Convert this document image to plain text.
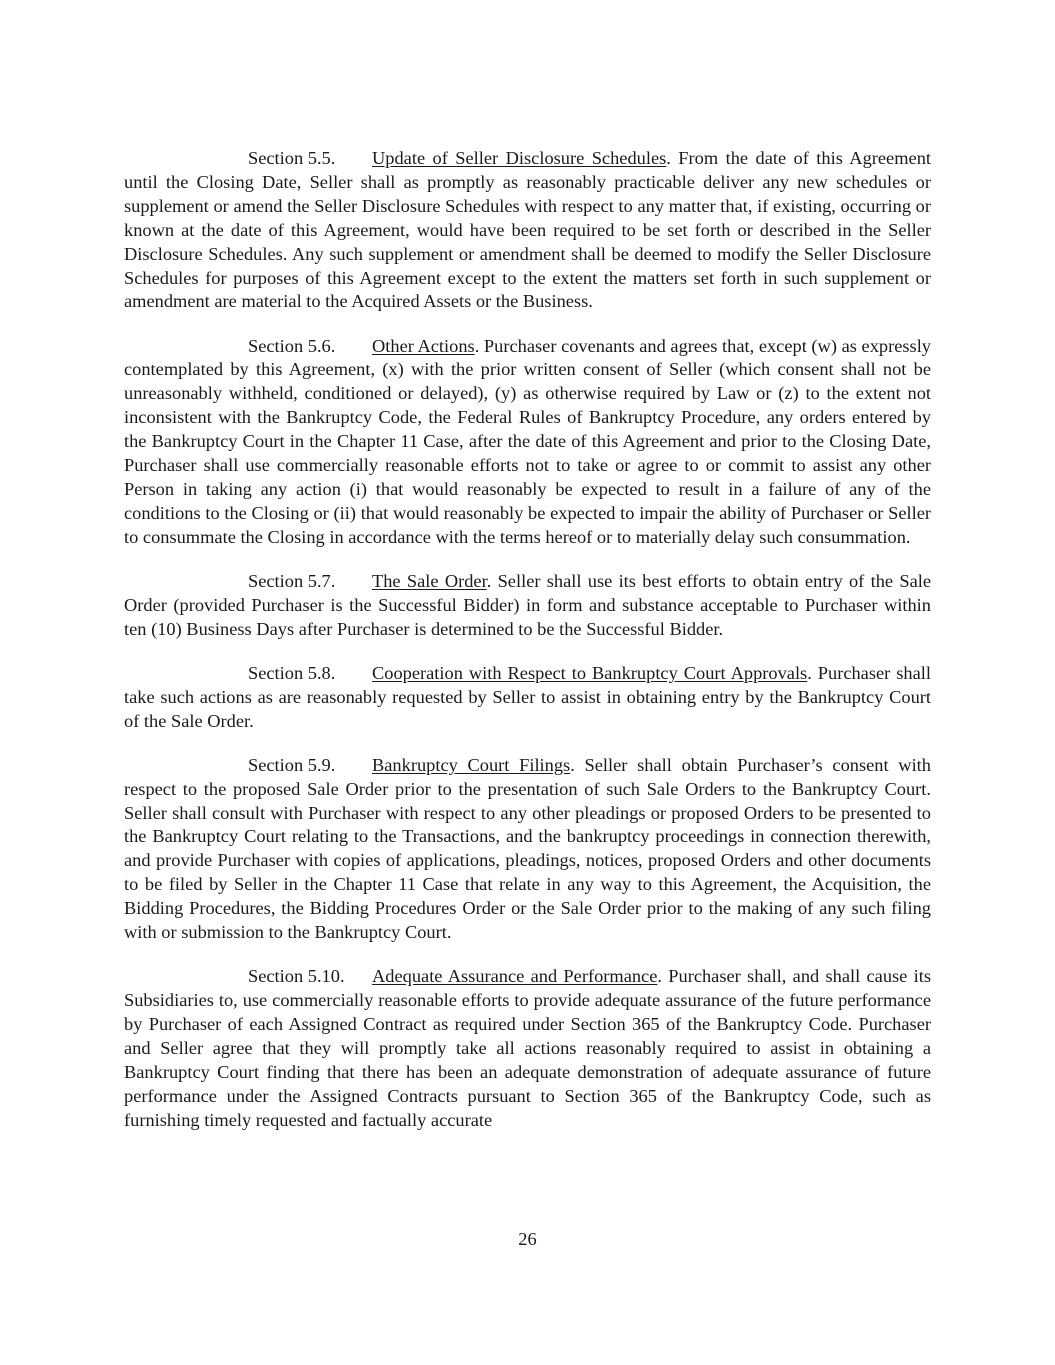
Section 5.5. Update of Seller Disclosure Schedules. From the date of this Agreement until the Closing Date, Seller shall as promptly as reasonably practicable deliver any new schedules or supplement or amend the Seller Disclosure Schedules with respect to any matter that, if existing, occurring or known at the date of this Agreement, would have been required to be set forth or described in the Seller Disclosure Schedules. Any such supplement or amendment shall be deemed to modify the Seller Disclosure Schedules for purposes of this Agreement except to the extent the matters set forth in such supplement or amendment are material to the Acquired Assets or the Business.

Section 5.6. Other Actions. Purchaser covenants and agrees that, except (w) as expressly contemplated by this Agreement, (x) with the prior written consent of Seller (which consent shall not be unreasonably withheld, conditioned or delayed), (y) as otherwise required by Law or (z) to the extent not inconsistent with the Bankruptcy Code, the Federal Rules of Bankruptcy Procedure, any orders entered by the Bankruptcy Court in the Chapter 11 Case, after the date of this Agreement and prior to the Closing Date, Purchaser shall use commercially reasonable efforts not to take or agree to or commit to assist any other Person in taking any action (i) that would reasonably be expected to result in a failure of any of the conditions to the Closing or (ii) that would reasonably be expected to impair the ability of Purchaser or Seller to consummate the Closing in accordance with the terms hereof or to materially delay such consummation.

Section 5.7. The Sale Order. Seller shall use its best efforts to obtain entry of the Sale Order (provided Purchaser is the Successful Bidder) in form and substance acceptable to Purchaser within ten (10) Business Days after Purchaser is determined to be the Successful Bidder.

Section 5.8. Cooperation with Respect to Bankruptcy Court Approvals. Purchaser shall take such actions as are reasonably requested by Seller to assist in obtaining entry by the Bankruptcy Court of the Sale Order.

Section 5.9. Bankruptcy Court Filings. Seller shall obtain Purchaser’s consent with respect to the proposed Sale Order prior to the presentation of such Sale Orders to the Bankruptcy Court. Seller shall consult with Purchaser with respect to any other pleadings or proposed Orders to be presented to the Bankruptcy Court relating to the Transactions, and the bankruptcy proceedings in connection therewith, and provide Purchaser with copies of applications, pleadings, notices, proposed Orders and other documents to be filed by Seller in the Chapter 11 Case that relate in any way to this Agreement, the Acquisition, the Bidding Procedures, the Bidding Procedures Order or the Sale Order prior to the making of any such filing with or submission to the Bankruptcy Court.

Section 5.10. Adequate Assurance and Performance. Purchaser shall, and shall cause its Subsidiaries to, use commercially reasonable efforts to provide adequate assurance of the future performance by Purchaser of each Assigned Contract as required under Section 365 of the Bankruptcy Code. Purchaser and Seller agree that they will promptly take all actions reasonably required to assist in obtaining a Bankruptcy Court finding that there has been an adequate demonstration of adequate assurance of future performance under the Assigned Contracts pursuant to Section 365 of the Bankruptcy Code, such as furnishing timely requested and factually accurate

26
